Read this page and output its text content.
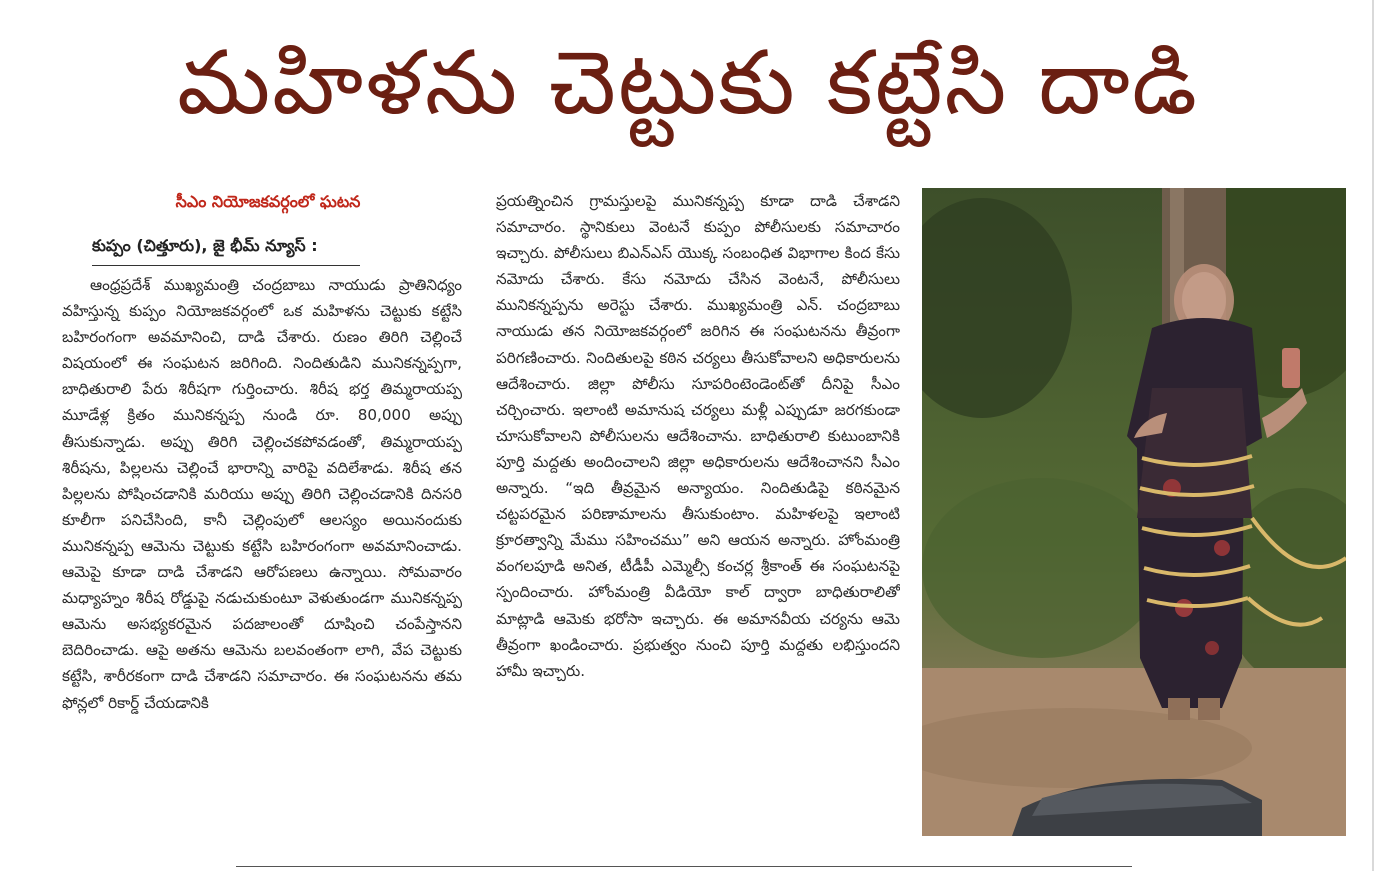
మహిళను చెట్టుకు కట్టేసి దాడి
సీఎం నియోజకవర్గంలో ఘటన
కుప్పం (చిత్తూరు), జై భీమ్ న్యూస్ :

ఆంధ్రప్రదేశ్ ముఖ్యమంత్రి చంద్రబాబు నాయుడు ప్రాతినిధ్యం వహిస్తున్న కుప్పం నియోజకవర్గంలో ఒక మహిళను చెట్టుకు కట్టేసి బహిరంగంగా అవమానించి, దాడి చేశారు. రుణం తిరిగి చెల్లించే విషయంలో ఈ సంఘటన జరిగింది. నిందితుడిని మునికన్నప్పగా, బాధితురాలి పేరు శిరీషగా గుర్తించారు. శిరీష భర్త తిమ్మరాయప్ప మూడేళ్ల క్రితం మునికన్నప్ప నుండి రూ. 80,000 అప్పు తీసుకున్నాడు. అప్పు తిరిగి చెల్లించకపోవడంతో, తిమ్మరాయప్ప శిరీషను, పిల్లలను చెల్లించే భారాన్ని వారిపై వదిలేశాడు. శిరీష తన పిల్లలను పోషించడానికి మరియు అప్పు తిరిగి చెల్లించడానికి దినసరి కూలీగా పనిచేసింది, కానీ చెల్లింపులో ఆలస్యం అయినందుకు మునికన్నప్ప ఆమెను చెట్టుకు కట్టేసి బహిరంగంగా అవమానించాడు. ఆమెపై కూడా దాడి చేశాడని ఆరోపణలు ఉన్నాయి. సోమవారం మధ్యాహ్నం శిరీష రోడ్డుపై నడుచుకుంటూ వెళుతుండగా మునికన్నప్ప ఆమెను అసభ్యకరమైన పదజాలంతో దూషించి చంపేస్తానని బెదిరించాడు. ఆపై అతను ఆమెను బలవంతంగా లాగి, వేప చెట్టుకు కట్టేసి, శారీరకంగా దాడి చేశాడని సమాచారం. ఈ సంఘటనను తమ ఫోన్లలో రికార్డ్ చేయడానికి

ప్రయత్నించిన గ్రామస్తులపై మునికన్నప్ప కూడా దాడి చేశాడని సమాచారం. స్థానికులు వెంటనే కుప్పం పోలీసులకు సమాచారం ఇచ్చారు. పోలీసులు బిఎన్ఎస్ యొక్క సంబంధిత విభాగాల కింద కేసు నమోదు చేశారు. కేసు నమోదు చేసిన వెంటనే, పోలీసులు మునికన్నప్పను అరెస్టు చేశారు. ముఖ్యమంత్రి ఎన్. చంద్రబాబు నాయుడు తన నియోజకవర్గంలో జరిగిన ఈ సంఘటనను తీవ్రంగా పరిగణించారు. నిందితులపై కఠిన చర్యలు తీసుకోవాలని అధికారులను ఆదేశించారు. జిల్లా పోలీసు సూపరింటెండెంట్‌తో దీనిపై సీఎం చర్చించారు. ఇలాంటి అమానుష చర్యలు మళ్లీ ఎప్పుడూ జరగకుండా చూసుకోవాలని పోలీసులను ఆదేశించాను. బాధితురాలి కుటుంబానికి పూర్తి మద్దతు అందించాలని జిల్లా అధికారులను ఆదేశించానని సీఎం అన్నారు. “ఇది తీవ్రమైన అన్యాయం. నిందితుడిపై కఠినమైన చట్టపరమైన పరిణామాలను తీసుకుంటాం. మహిళలపై ఇలాంటి క్రూరత్వాన్ని మేము సహించము” అని ఆయన అన్నారు. హోంమంత్రి వంగలపూడి అనిత, టీడీపీ ఎమ్మెల్సీ కంచర్ల శ్రీకాంత్ ఈ సంఘటనపై స్పందించారు. హోంమంత్రి వీడియో కాల్ ద్వారా బాధితురాలితో మాట్లాడి ఆమెకు భరోసా ఇచ్చారు. ఈ అమానవీయ చర్యను ఆమె తీవ్రంగా ఖండించారు. ప్రభుత్వం నుంచి పూర్తి మద్దతు లభిస్తుందని హామీ ఇచ్చారు.
